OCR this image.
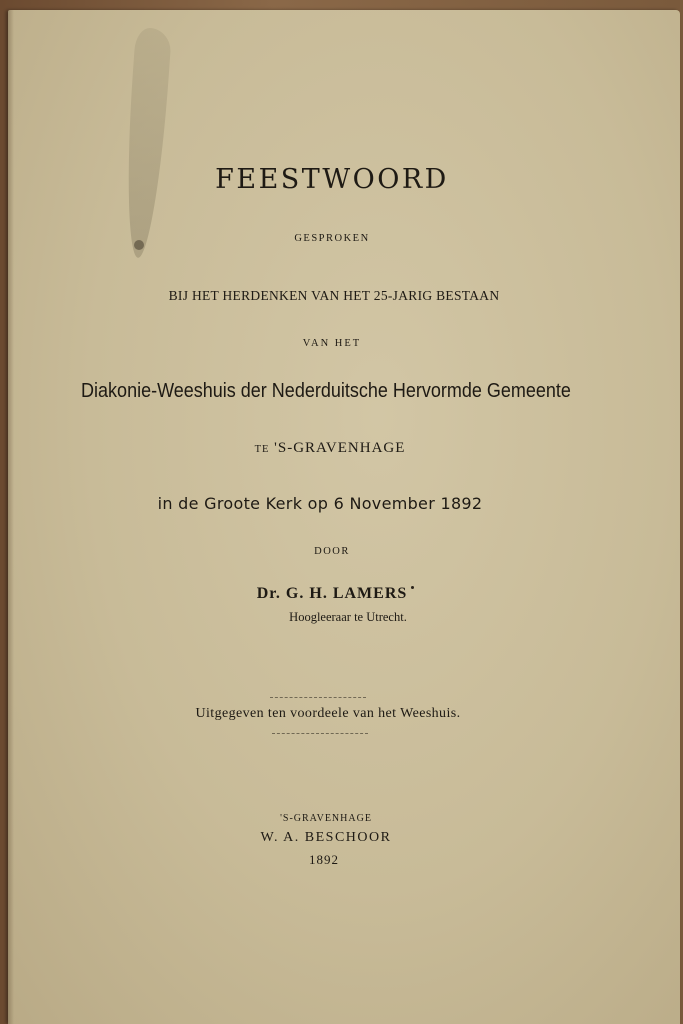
FEESTWOORD
GESPROKEN
BIJ HET HERDENKEN VAN HET 25-JARIG BESTAAN
VAN HET
Diakonie-Weeshuis der Nederduitsche Hervormde Gemeente
TE 'S-GRAVENHAGE
in de Groote Kerk op 6 November 1892
DOOR
Dr. G. H. LAMERS
Hoogleeraar te Utrecht.
Uitgegeven ten voordeele van het Weeshuis.
'S-GRAVENHAGE
W. A. BESCHOOR
1892
